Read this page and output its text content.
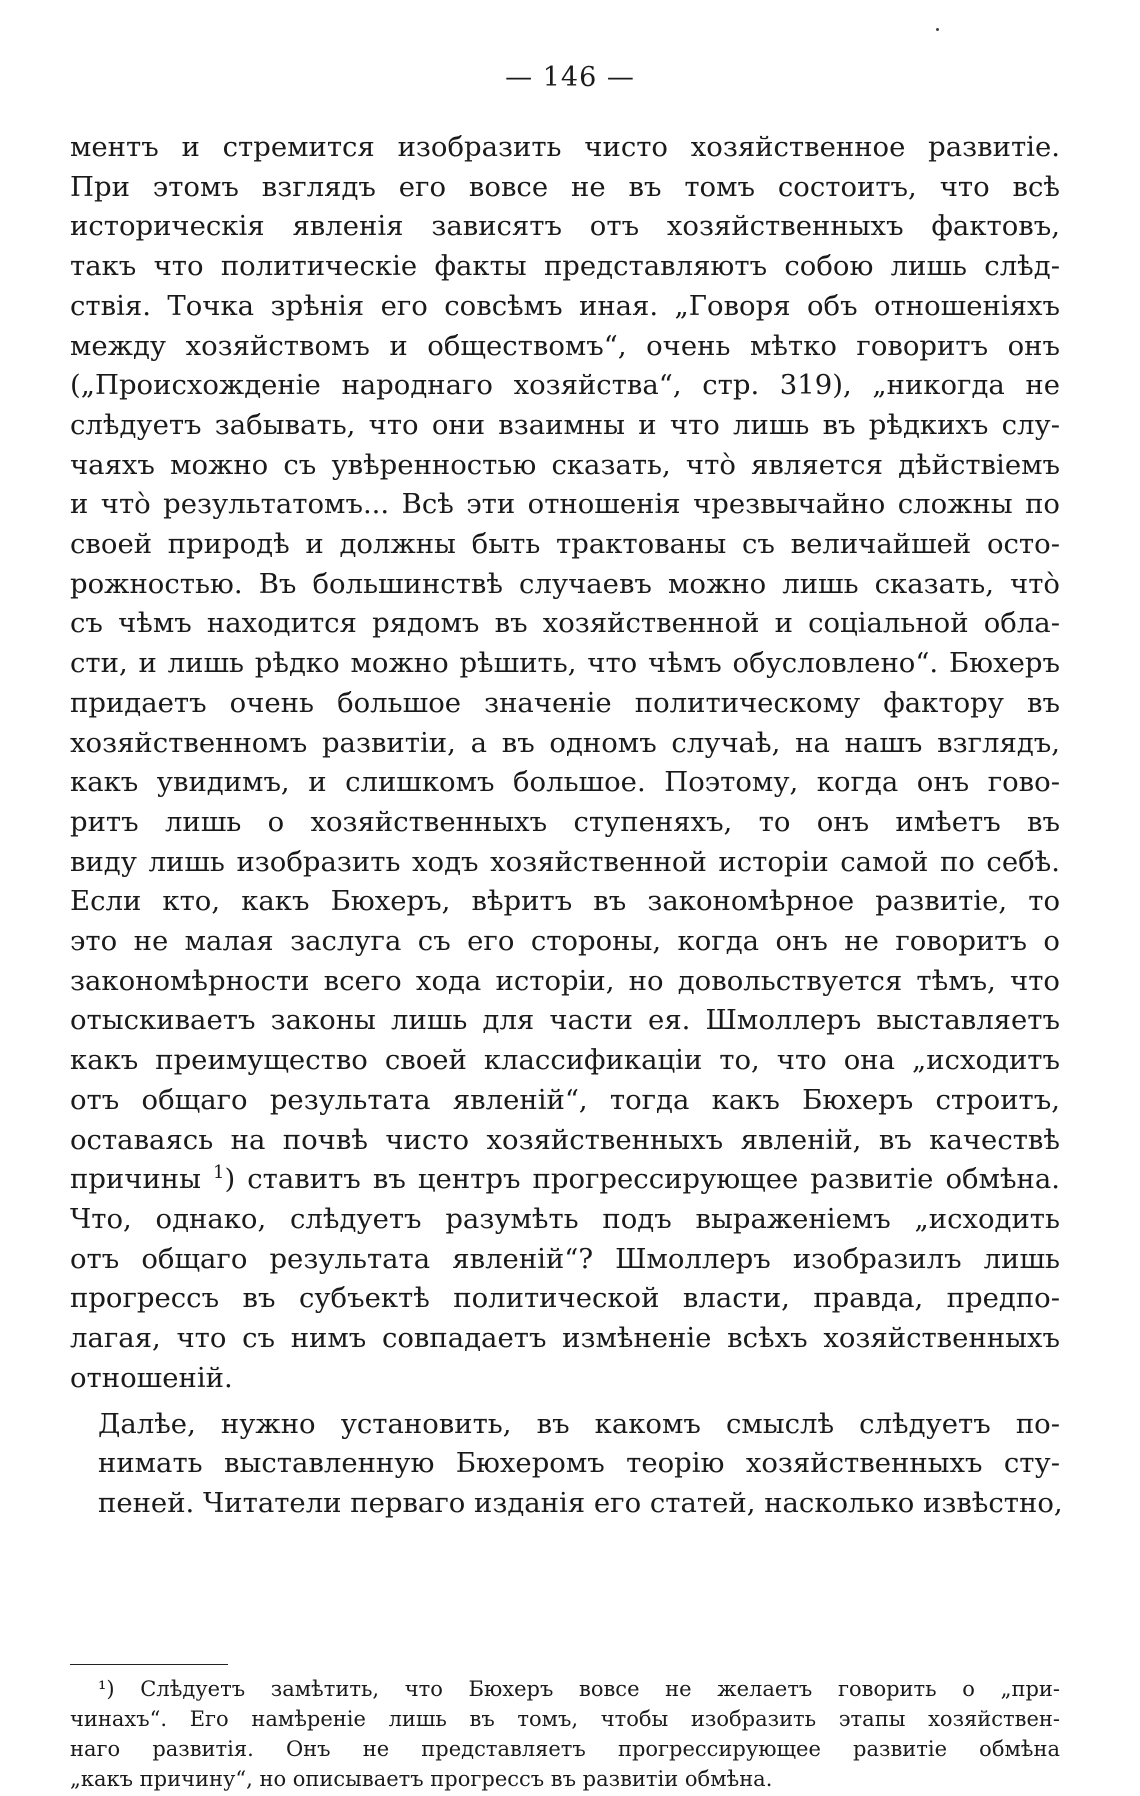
— 146 —

ментъ и стремится изобразить чисто хозяйственное развитіе.
При этомъ взглядъ его вовсе не въ томъ состоитъ, что всѣ
историческія явленія зависятъ отъ хозяйственныхъ фактовъ,
такъ что политическіе факты представляютъ собою лишь слѣд-
ствія. Точка зрѣнія его совсѣмъ иная. „Говоря объ отношеніяхъ
между хозяйствомъ и обществомъ“, очень мѣтко говоритъ онъ
(„Происхожденіе народнаго хозяйства“, стр. 319), „никогда не
слѣдуетъ забывать, что они взаимны и что лишь въ рѣдкихъ слу-
чаяхъ можно съ увѣренностью сказать, что̀ является дѣйствіемъ
и что̀ результатомъ... Всѣ эти отношенія чрезвычайно сложны по
своей природѣ и должны быть трактованы съ величайшей осто-
рожностью. Въ большинствѣ случаевъ можно лишь сказать, что̀
съ чѣмъ находится рядомъ въ хозяйственной и соціальной обла-
сти, и лишь рѣдко можно рѣшить, что чѣмъ обусловлено“. Бюхеръ
придаетъ очень большое значеніе политическому фактору въ
хозяйственномъ развитіи, а въ одномъ случаѣ, на нашъ взглядъ,
какъ увидимъ, и слишкомъ большое. Поэтому, когда онъ гово-
ритъ лишь о хозяйственныхъ ступеняхъ, то онъ имѣетъ въ
виду лишь изобразить ходъ хозяйственной исторіи самой по себѣ.
Если кто, какъ Бюхеръ, вѣритъ въ закономѣрное развитіе, то
это не малая заслуга съ его стороны, когда онъ не говоритъ о
закономѣрности всего хода исторіи, но довольствуется тѣмъ, что
отыскиваетъ законы лишь для части ея. Шмоллеръ выставляетъ
какъ преимущество своей классификаціи то, что она „исходитъ
отъ общаго результата явленій“, тогда какъ Бюхеръ строитъ,
оставаясь на почвѣ чисто хозяйственныхъ явленій, въ качествѣ
причины $^1$) ставитъ въ центръ прогрессирующее развитіе обмѣна.
Что, однако, слѣдуетъ разумѣть подъ выраженіемъ „исходить
отъ общаго результата явленій“? Шмоллеръ изобразилъ лишь
прогрессъ въ субъектѣ политической власти, правда, предпо-
лагая, что съ нимъ совпадаетъ измѣненіе всѣхъ хозяйственныхъ
отношеній.

Далѣе, нужно установить, въ какомъ смыслѣ слѣдуетъ по-
нимать выставленную Бюхеромъ теорію хозяйственныхъ сту-
пеней. Читатели перваго изданія его статей, насколько извѣстно,

¹) Слѣдуетъ замѣтить, что Бюхеръ вовсе не желаетъ говорить о „при-
чинахъ“. Его намѣреніе лишь въ томъ, чтобы изобразить этапы хозяйствен-
наго развитія. Онъ не представляетъ прогрессирующее развитіе обмѣна
„какъ причину“, но описываетъ прогрессъ въ развитіи обмѣна.
